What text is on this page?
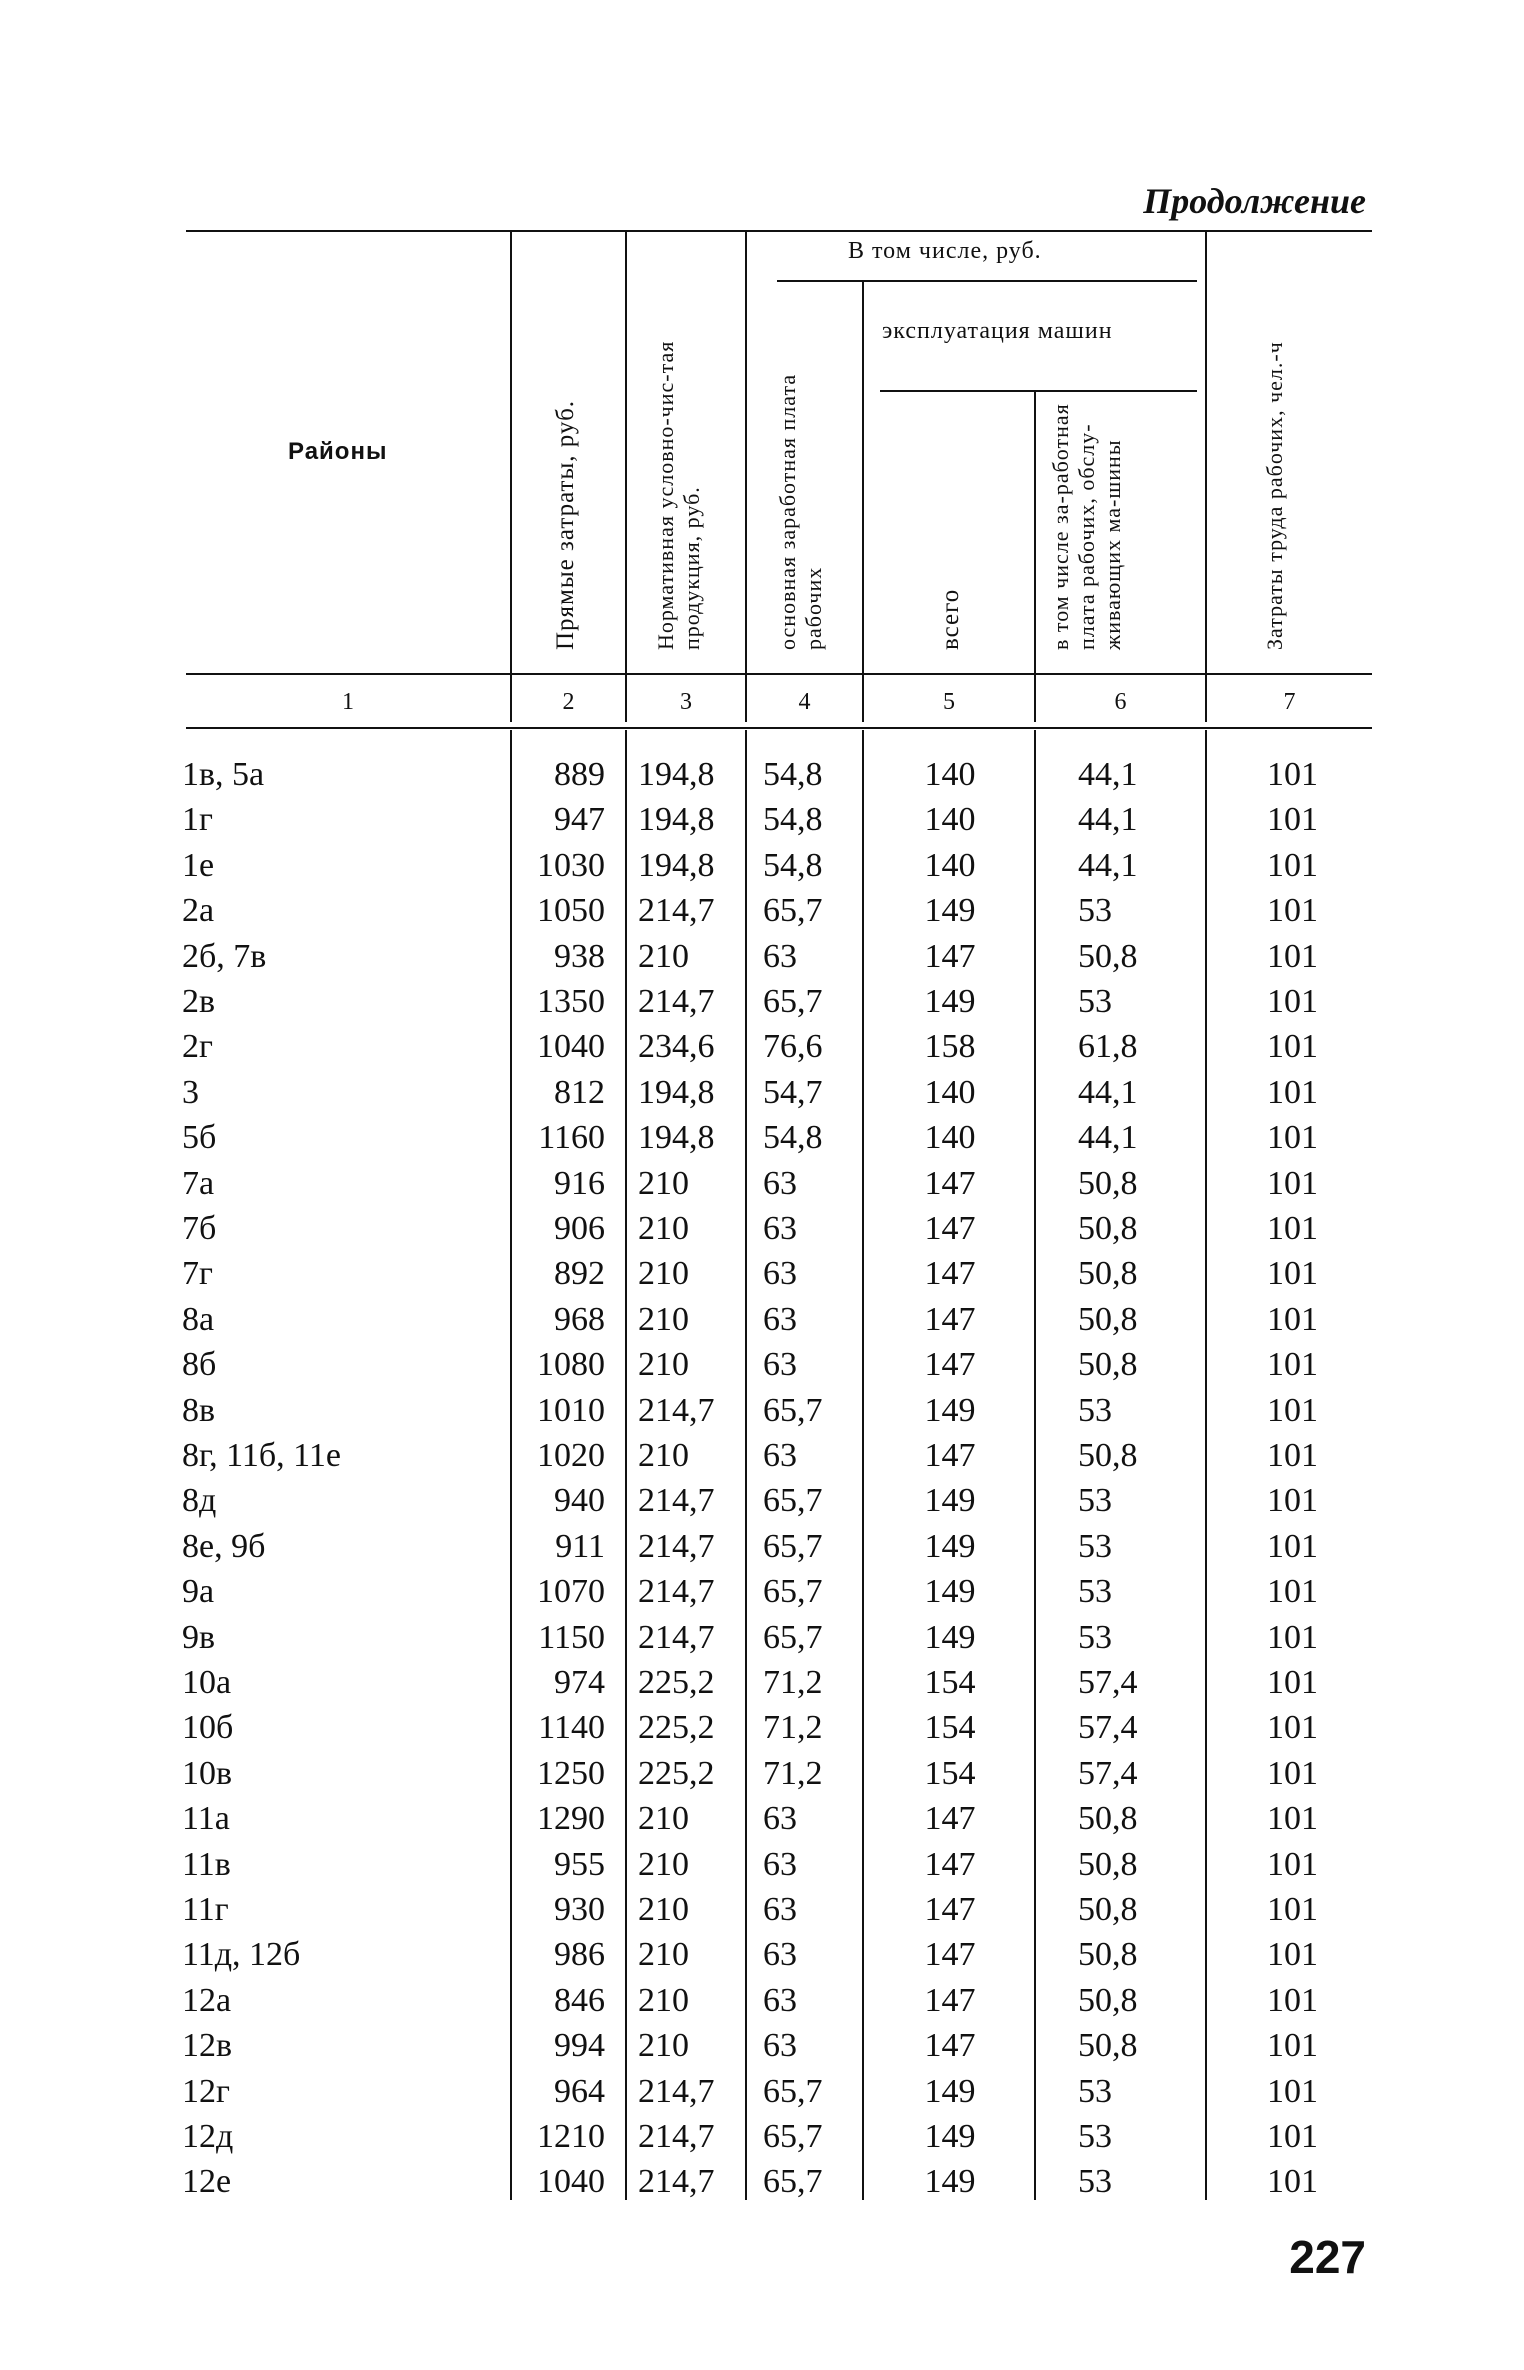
Продолжение
Районы
В том числе, руб.
эксплуатация машин
Прямые затраты, руб.	Нормативная условно-чис-тая продукция, руб.	основная заработная плата рабочих	всего	в том числе за-работная плата рабочих, обслу-живающих ма-шины	Затраты труда рабочих, чел.-ч
1	2	3	4	5	6	7
1в, 5а	889 194,8 54,8	140	44,1	101
1г	947 194,8 54,8	140	44,1	101
1е	1030 194,8 54,8	140	44,1	101
2а	1050 214,7 65,7	149	53	101
2б, 7в	938 210 63	147	50,8	101
2в	1350 214,7 65,7	149	53	101
2г	1040 234,6 76,6	158	61,8	101
3	812 194,8 54,7	140	44,1	101
5б	1160 194,8 54,8	140	44,1	101
7а	916 210 63	147	50,8	101
7б	906 210 63	147	50,8	101
7г	892 210 63	147	50,8	101
8а	968 210 63	147	50,8	101
8б	1080 210 63	147	50,8	101
8в	1010 214,7 65,7	149	53	101
8г, 11б, 11е	1020 210 63	147	50,8	101
8д	940 214,7 65,7	149	53	101
8е, 9б	911 214,7 65,7	149	53	101
9а	1070 214,7 65,7	149	53	101
9в	1150 214,7 65,7	149	53	101
10а	974 225,2 71,2	154	57,4	101
10б	1140 225,2 71,2	154	57,4	101
10в	1250 225,2 71,2	154	57,4	101
11а	1290 210 63	147	50,8	101
11в	955 210 63	147	50,8	101
11г	930 210 63	147	50,8	101
11д, 12б	986 210 63	147	50,8	101
12а	846 210 63	147	50,8	101
12в	994 210 63	147	50,8	101
12г	964 214,7 65,7	149	53	101
12д	1210 214,7 65,7	149	53	101
12е	1040 214,7 65,7	149	53	101
227
